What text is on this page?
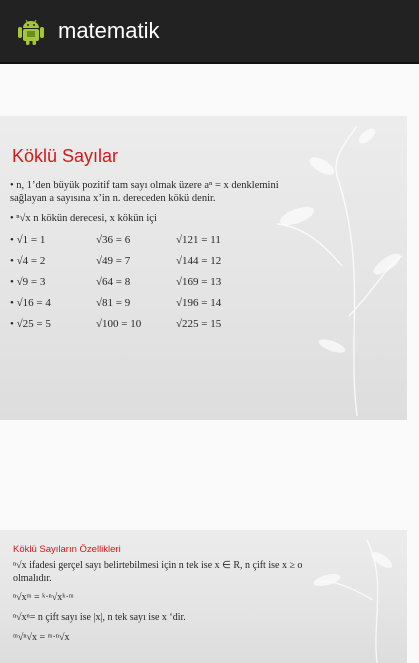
matematik
Köklü Sayılar
• n, 1’den büyük pozitif tam sayı olmak üzere aⁿ = x denklemini
sağlayan a sayısına x’in n. dereceden kökü denir.
• ⁿ√x n kökün derecesi, x kökün içi
• √1 = 1	√36 = 6	√121 = 11
• √4 = 2	√49 = 7	√144 = 12
• √9 = 3	√64 = 8	√169 = 13
• √16 = 4	√81 = 9	√196 = 14
• √25 = 5	√100 = 10	√225 = 15
Köklü Sayıların Özellikleri
ⁿ√x ifadesi gerçel sayı belirtebilmesi için n tek ise x ∈ R, n çift ise x ≥ o
olmalıdır.
ⁿ√xᵐ = ᵏ·ⁿ√xᵏ·ᵐ
ⁿ√xⁿ= n çift sayı ise |x|, n tek sayı ise x ‘dir.
ᵐ√ⁿ√x = ᵐ·ⁿ√x
